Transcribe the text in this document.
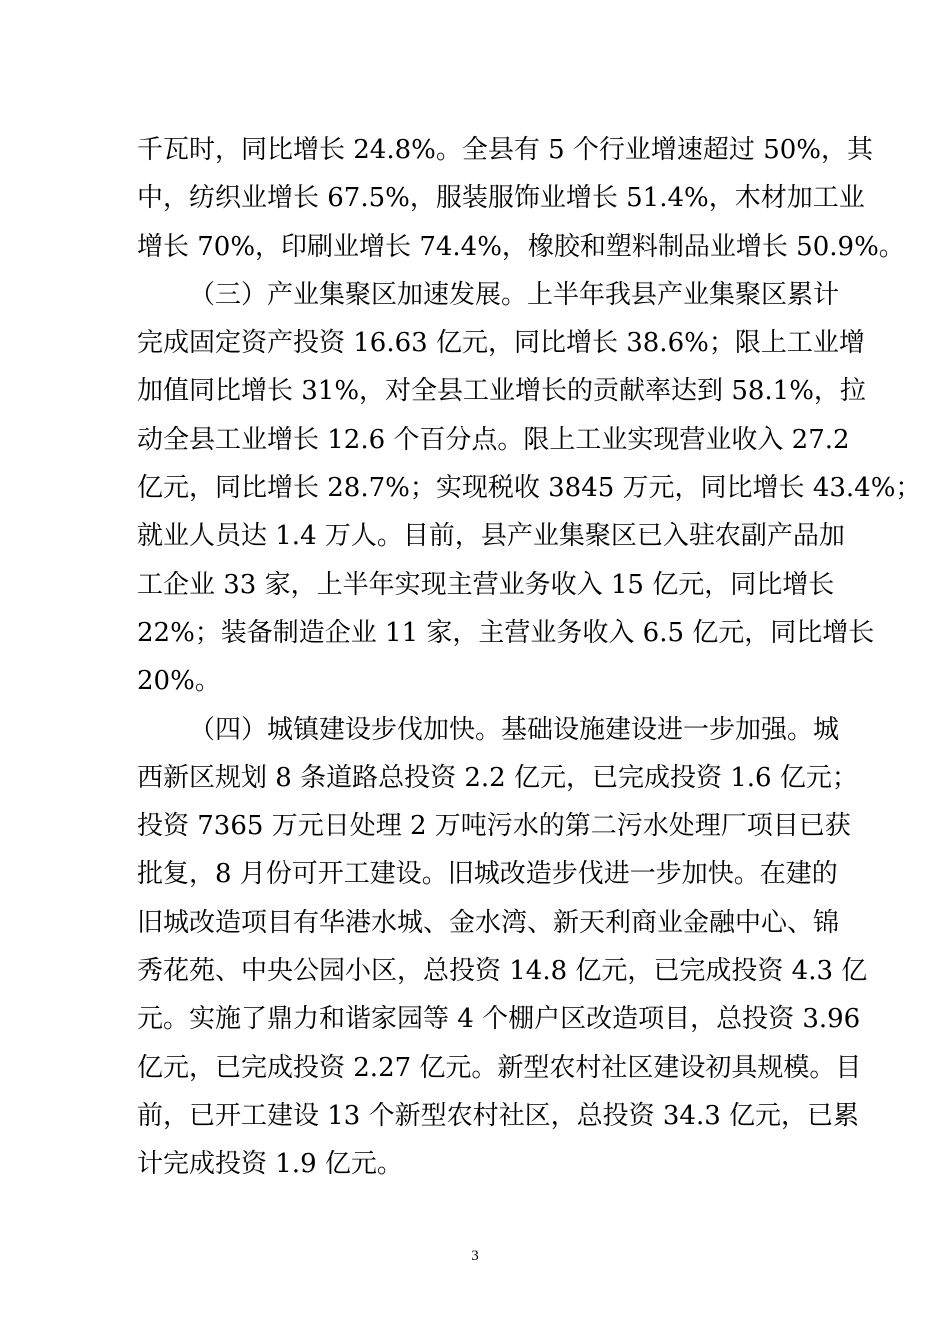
千瓦时，同比增长 24.8%。全县有 5 个行业增速超过 50%，其
中，纺织业增长 67.5%，服装服饰业增长 51.4%，木材加工业
增长 70%，印刷业增长 74.4%，橡胶和塑料制品业增长 50.9%。
（三）产业集聚区加速发展。上半年我县产业集聚区累计
完成固定资产投资 16.63 亿元，同比增长 38.6%；限上工业增
加值同比增长 31%，对全县工业增长的贡献率达到 58.1%，拉
动全县工业增长 12.6 个百分点。限上工业实现营业收入 27.2
亿元，同比增长 28.7%；实现税收 3845 万元，同比增长 43.4%；
就业人员达 1.4 万人。目前，县产业集聚区已入驻农副产品加
工企业 33 家，上半年实现主营业务收入 15 亿元，同比增长
22%；装备制造企业 11 家，主营业务收入 6.5 亿元，同比增长
20%。
（四）城镇建设步伐加快。基础设施建设进一步加强。城
西新区规划 8 条道路总投资 2.2 亿元，已完成投资 1.6 亿元；
投资 7365 万元日处理 2 万吨污水的第二污水处理厂项目已获
批复，8 月份可开工建设。旧城改造步伐进一步加快。在建的
旧城改造项目有华港水城、金水湾、新天利商业金融中心、锦
秀花苑、中央公园小区，总投资 14.8 亿元，已完成投资 4.3 亿
元。实施了鼎力和谐家园等 4 个棚户区改造项目，总投资 3.96
亿元，已完成投资 2.27 亿元。新型农村社区建设初具规模。目
前，已开工建设 13 个新型农村社区，总投资 34.3 亿元，已累
计完成投资 1.9 亿元。
3
